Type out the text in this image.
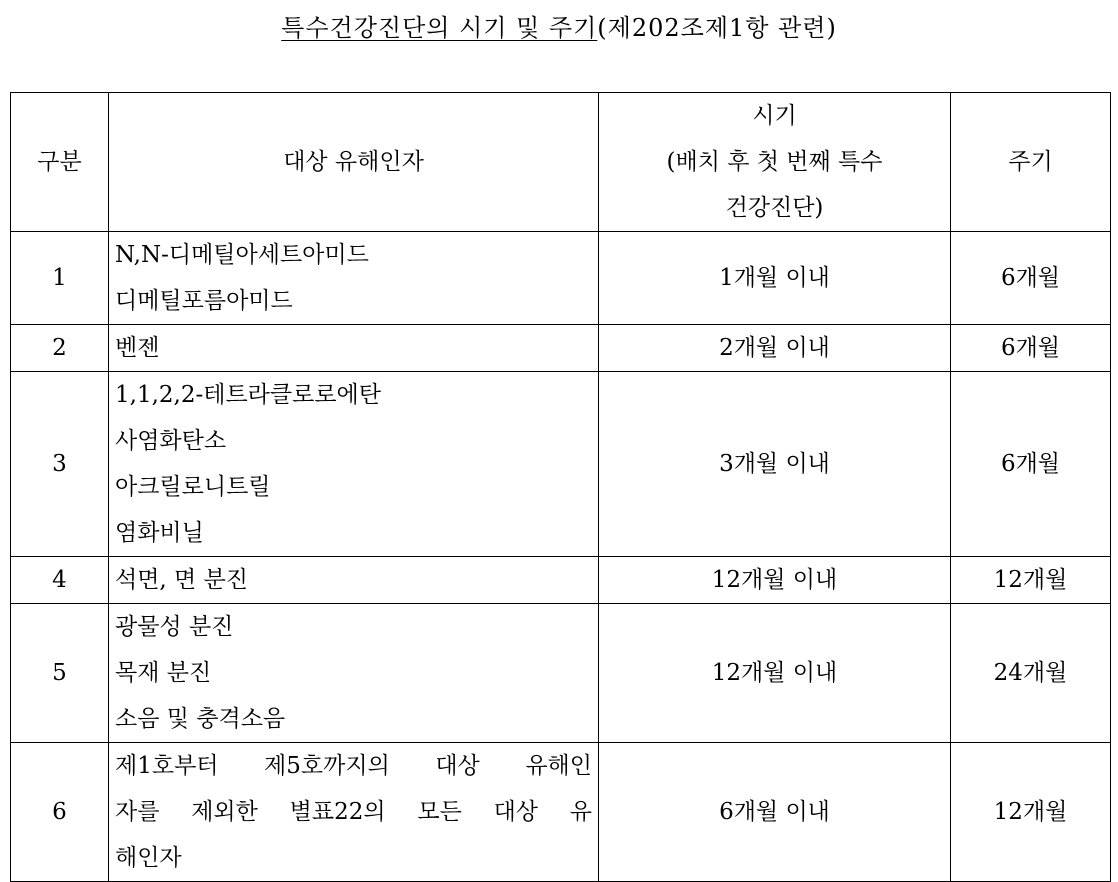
특수건강진단의 시기 및 주기(제202조제1항 관련)
구분	대상 유해인자	시기
(배치 후 첫 번째 특수
건강진단)	주기
1	N,N-디메틸아세트아미드
디메틸포름아미드	1개월 이내	6개월
2	벤젠	2개월 이내	6개월
3	1,1,2,2-테트라클로로에탄
사염화탄소
아크릴로니트릴
염화비닐	3개월 이내	6개월
4	석면, 면 분진	12개월 이내	12개월
5	광물성 분진
목재 분진
소음 및 충격소음	12개월 이내	24개월
6	제1호부터 제5호까지의 대상 유해인
자를 제외한 별표22의 모든 대상 유
해인자	6개월 이내	12개월
